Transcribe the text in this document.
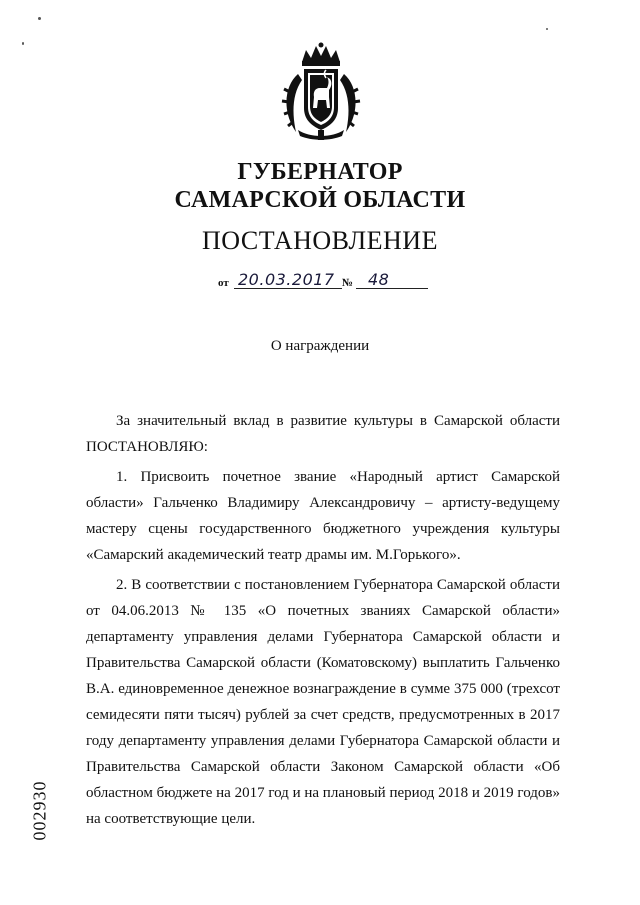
ГУБЕРНАТОР
САМАРСКОЙ ОБЛАСТИ
ПОСТАНОВЛЕНИЕ
от 20.03.2017 № 48
О награждении

За значительный вклад в развитие культуры в Самарской области ПОСТАНОВЛЯЮ:

1. Присвоить почетное звание «Народный артист Самарской области» Гальченко Владимиру Александровичу – артисту-ведущему мастеру сцены государственного бюджетного учреждения культуры «Самарский академический театр драмы им. М.Горького».

2. В соответствии с постановлением Губернатора Самарской области от 04.06.2013 № 135 «О почетных званиях Самарской области» департаменту управления делами Губернатора Самарской области и Правительства Самарской области (Коматовскому) выплатить Гальченко В.А. единовременное денежное вознаграждение в сумме 375 000 (трехсот семидесяти пяти тысяч) рублей за счет средств, предусмотренных в 2017 году департаменту управления делами Губернатора Самарской области и Правительства Самарской области Законом Самарской области «Об областном бюджете на 2017 год и на плановый период 2018 и 2019 годов» на соответствующие цели.

002930
